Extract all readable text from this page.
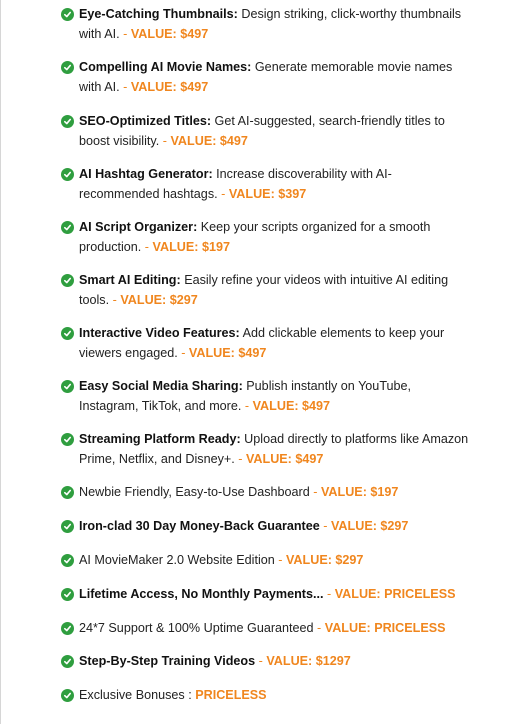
Eye-Catching Thumbnails: Design striking, click-worthy thumbnails with AI. - VALUE: $497
Compelling AI Movie Names: Generate memorable movie names with AI. - VALUE: $497
SEO-Optimized Titles: Get AI-suggested, search-friendly titles to boost visibility. - VALUE: $497
AI Hashtag Generator: Increase discoverability with AI-recommended hashtags. - VALUE: $397
AI Script Organizer: Keep your scripts organized for a smooth production. - VALUE: $197
Smart AI Editing: Easily refine your videos with intuitive AI editing tools. - VALUE: $297
Interactive Video Features: Add clickable elements to keep your viewers engaged. - VALUE: $497
Easy Social Media Sharing: Publish instantly on YouTube, Instagram, TikTok, and more. - VALUE: $497
Streaming Platform Ready: Upload directly to platforms like Amazon Prime, Netflix, and Disney+. - VALUE: $497
Newbie Friendly, Easy-to-Use Dashboard - VALUE: $197
Iron-clad 30 Day Money-Back Guarantee - VALUE: $297
AI MovieMaker 2.0 Website Edition - VALUE: $297
Lifetime Access, No Monthly Payments... - VALUE: PRICELESS
24*7 Support & 100% Uptime Guaranteed - VALUE: PRICELESS
Step-By-Step Training Videos - VALUE: $1297
Exclusive Bonuses : PRICELESS
